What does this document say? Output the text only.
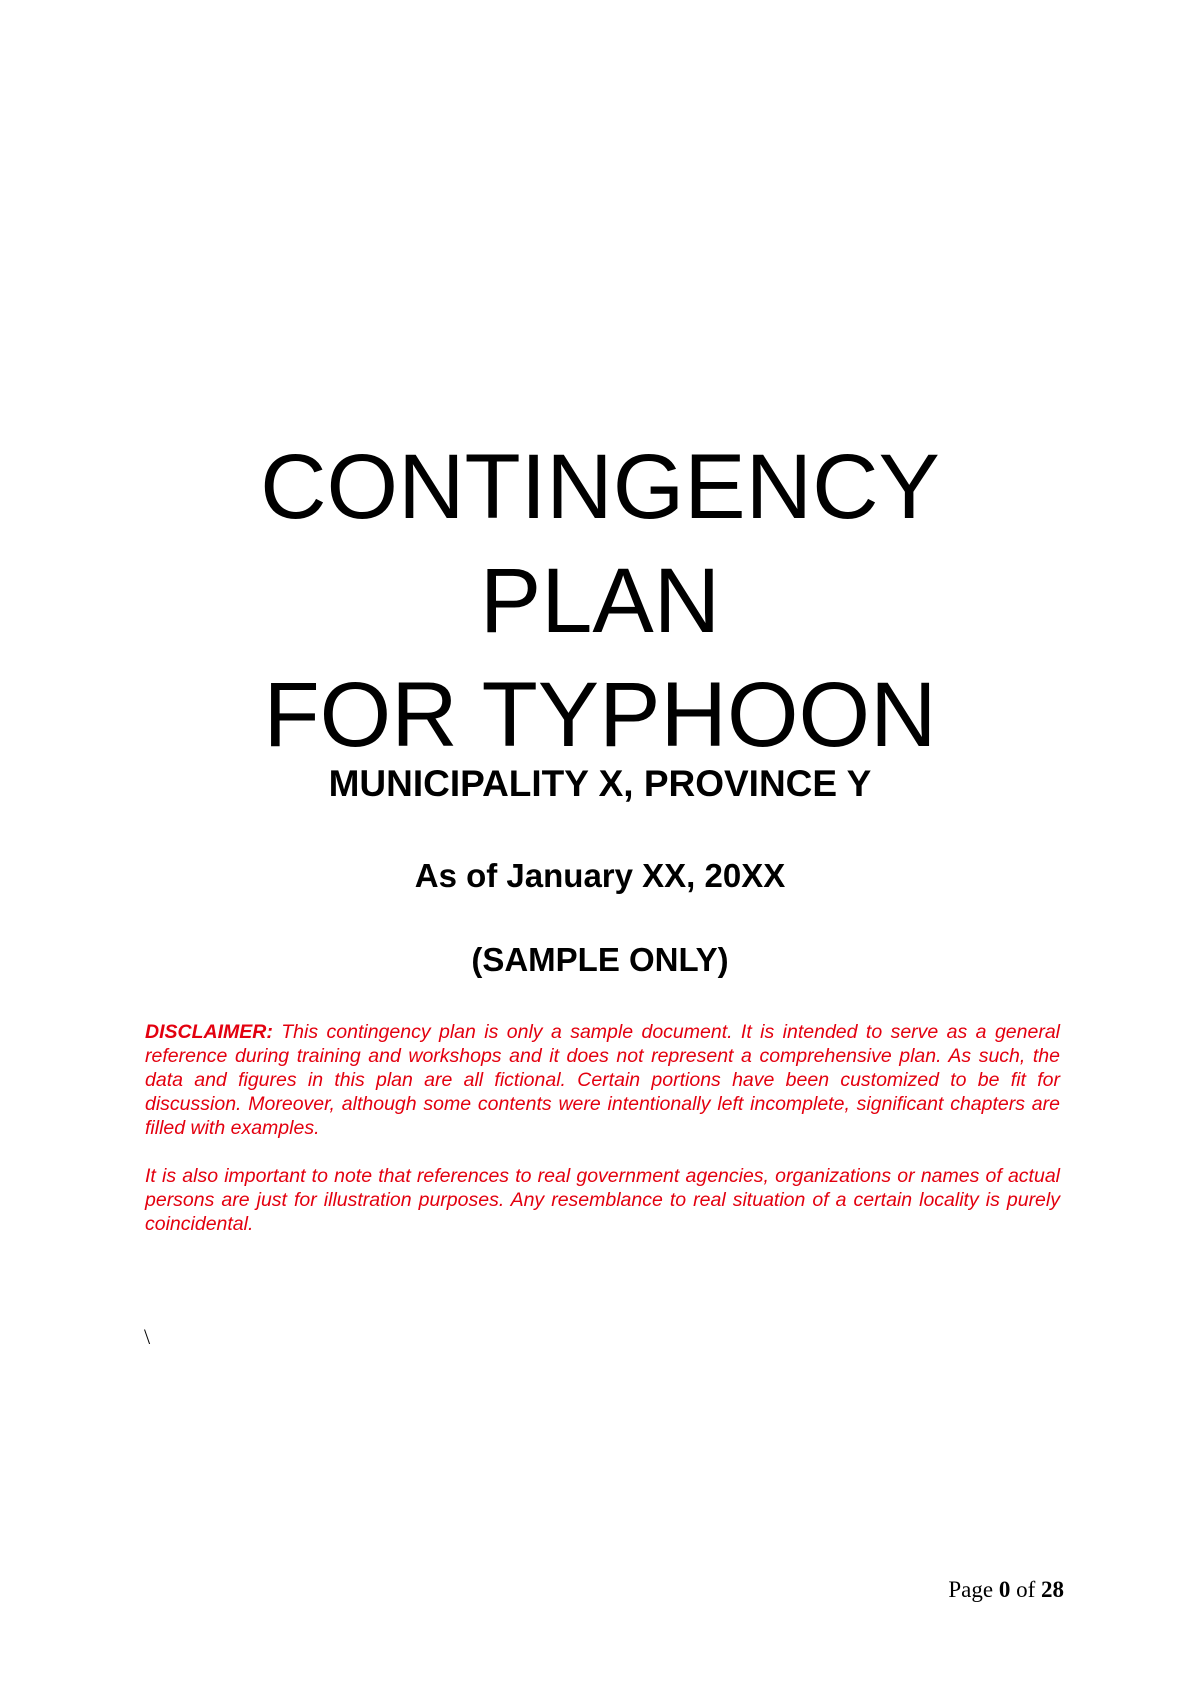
CONTINGENCY
PLAN
FOR TYPHOON
MUNICIPALITY X, PROVINCE Y
As of January XX, 20XX
(SAMPLE ONLY)

DISCLAIMER: This contingency plan is only a sample document. It is intended to serve as a general reference during training and workshops and it does not represent a comprehensive plan. As such, the data and figures in this plan are all fictional. Certain portions have been customized to be fit for discussion. Moreover, although some contents were intentionally left incomplete, significant chapters are filled with examples.

It is also important to note that references to real government agencies, organizations or names of actual persons are just for illustration purposes. Any resemblance to real situation of a certain locality is purely coincidental.

\
Page 0 of 28
